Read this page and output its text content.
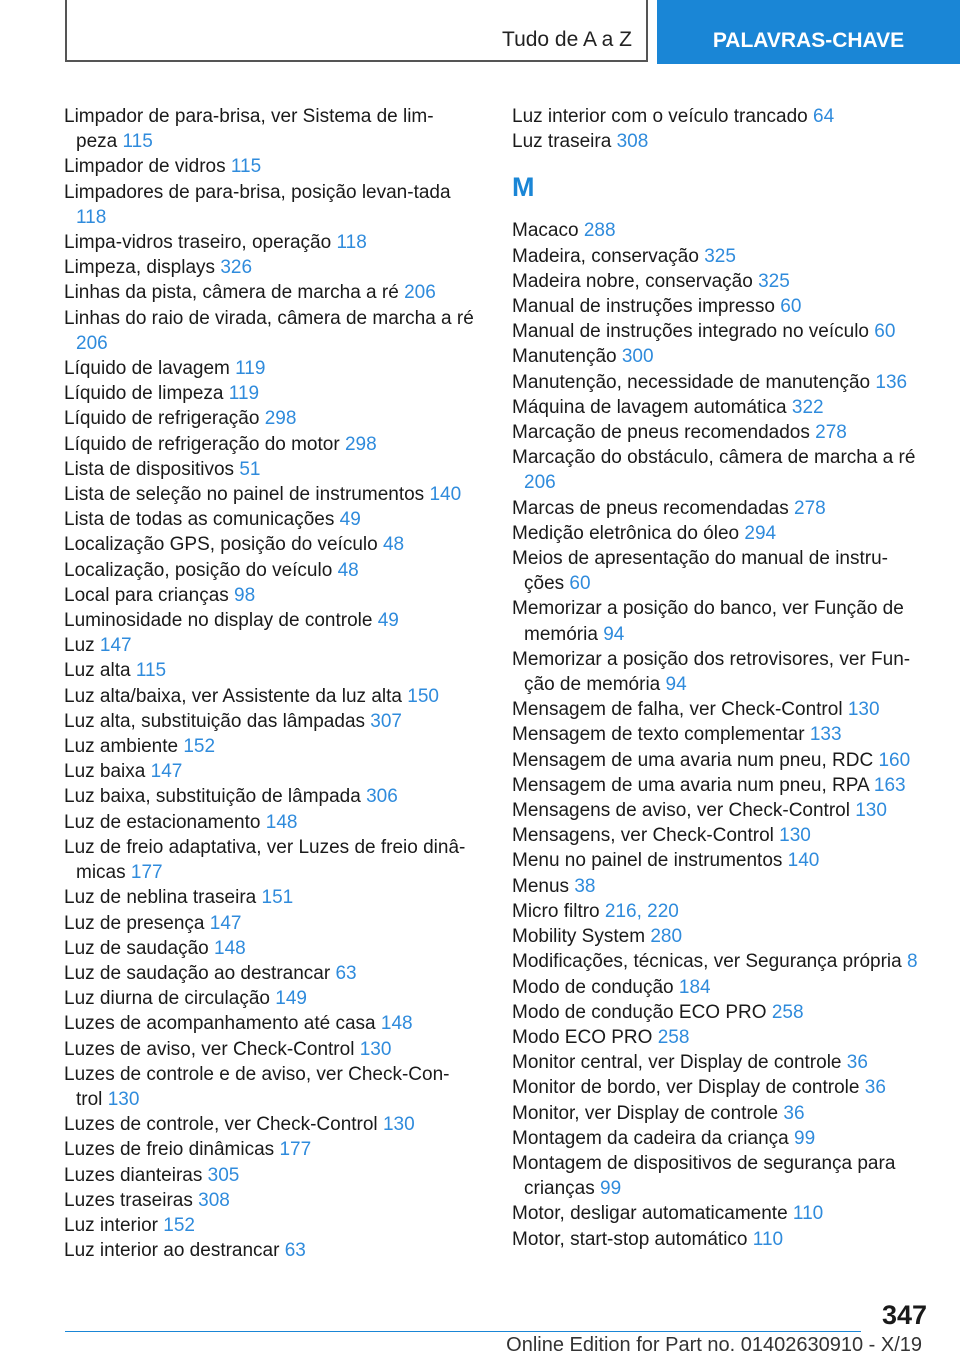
Tudo de A a Z	PALAVRAS-CHAVE
Limpador de para-brisa, ver Sistema de lim-peza 115
Limpador de vidros 115
Limpadores de para-brisa, posição levan-tada 118
Limpa-vidros traseiro, operação 118
Limpeza, displays 326
Linhas da pista, câmera de marcha a ré 206
Linhas do raio de virada, câmera de marcha a ré 206
Líquido de lavagem 119
Líquido de limpeza 119
Líquido de refrigeração 298
Líquido de refrigeração do motor 298
Lista de dispositivos 51
Lista de seleção no painel de instrumentos 140
Lista de todas as comunicações 49
Localização GPS, posição do veículo 48
Localização, posição do veículo 48
Local para crianças 98
Luminosidade no display de controle 49
Luz 147
Luz alta 115
Luz alta/baixa, ver Assistente da luz alta 150
Luz alta, substituição das lâmpadas 307
Luz ambiente 152
Luz baixa 147
Luz baixa, substituição de lâmpada 306
Luz de estacionamento 148
Luz de freio adaptativa, ver Luzes de freio dinâ-micas 177
Luz de neblina traseira 151
Luz de presença 147
Luz de saudação 148
Luz de saudação ao destrancar 63
Luz diurna de circulação 149
Luzes de acompanhamento até casa 148
Luzes de aviso, ver Check-Control 130
Luzes de controle e de aviso, ver Check-Con-trol 130
Luzes de controle, ver Check-Control 130
Luzes de freio dinâmicas 177
Luzes dianteiras 305
Luzes traseiras 308
Luz interior 152
Luz interior ao destrancar 63
Luz interior com o veículo trancado 64
Luz traseira 308
M
Macaco 288
Madeira, conservação 325
Madeira nobre, conservação 325
Manual de instruções impresso 60
Manual de instruções integrado no veículo 60
Manutenção 300
Manutenção, necessidade de manutenção 136
Máquina de lavagem automática 322
Marcação de pneus recomendados 278
Marcação do obstáculo, câmera de marcha a ré 206
Marcas de pneus recomendadas 278
Medição eletrônica do óleo 294
Meios de apresentação do manual de instru-ções 60
Memorizar a posição do banco, ver Função de memória 94
Memorizar a posição dos retrovisores, ver Fun-ção de memória 94
Mensagem de falha, ver Check-Control 130
Mensagem de texto complementar 133
Mensagem de uma avaria num pneu, RDC 160
Mensagem de uma avaria num pneu, RPA 163
Mensagens de aviso, ver Check-Control 130
Mensagens, ver Check-Control 130
Menu no painel de instrumentos 140
Menus 38
Micro filtro 216, 220
Mobility System 280
Modificações, técnicas, ver Segurança própria 8
Modo de condução 184
Modo de condução ECO PRO 258
Modo ECO PRO 258
Monitor central, ver Display de controle 36
Monitor de bordo, ver Display de controle 36
Monitor, ver Display de controle 36
Montagem da cadeira da criança 99
Montagem de dispositivos de segurança para crianças 99
Motor, desligar automaticamente 110
Motor, start-stop automático 110
347
Online Edition for Part no. 01402630910 - X/19
